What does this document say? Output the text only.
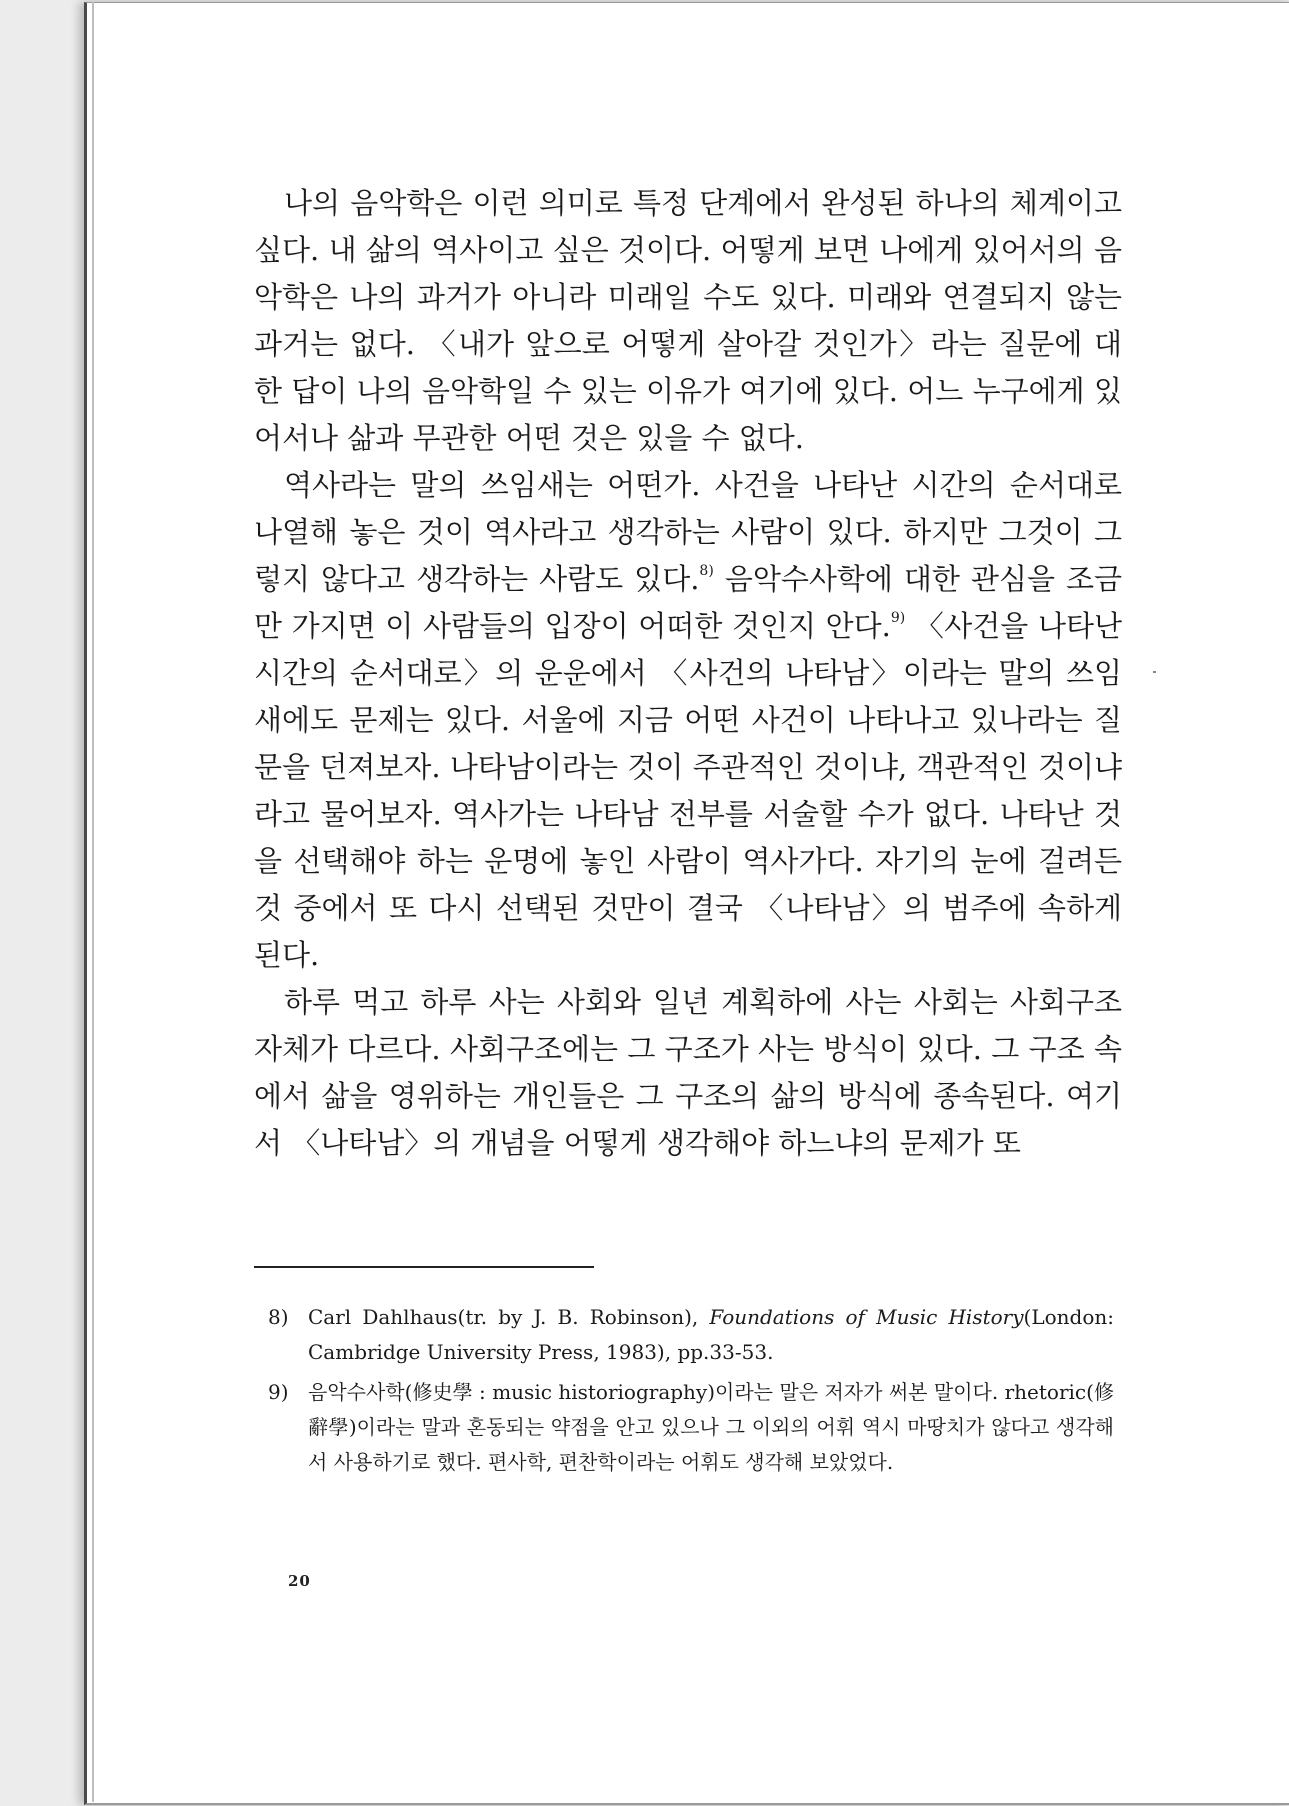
나의 음악학은 이런 의미로 특정 단계에서 완성된 하나의 체계이고 싶다. 내 삶의 역사이고 싶은 것이다. 어떻게 보면 나에게 있어서의 음악학은 나의 과거가 아니라 미래일 수도 있다. 미래와 연결되지 않는 과거는 없다. 〈내가 앞으로 어떻게 살아갈 것인가〉라는 질문에 대한 답이 나의 음악학일 수 있는 이유가 여기에 있다. 어느 누구에게 있어서나 삶과 무관한 어떤 것은 있을 수 없다.

역사라는 말의 쓰임새는 어떤가. 사건을 나타난 시간의 순서대로 나열해 놓은 것이 역사라고 생각하는 사람이 있다. 하지만 그것이 그렇지 않다고 생각하는 사람도 있다.$^{8)}$ 음악수사학에 대한 관심을 조금만 가지면 이 사람들의 입장이 어떠한 것인지 안다.$^{9)}$ 〈사건을 나타난 시간의 순서대로〉의 운운에서 〈사건의 나타남〉이라는 말의 쓰임새에도 문제는 있다. 서울에 지금 어떤 사건이 나타나고 있나라는 질문을 던져보자. 나타남이라는 것이 주관적인 것이냐, 객관적인 것이냐라고 물어보자. 역사가는 나타남 전부를 서술할 수가 없다. 나타난 것을 선택해야 하는 운명에 놓인 사람이 역사가다. 자기의 눈에 걸려든 것 중에서 또 다시 선택된 것만이 결국 〈나타남〉의 범주에 속하게 된다.

하루 먹고 하루 사는 사회와 일년 계획하에 사는 사회는 사회구조 자체가 다르다. 사회구조에는 그 구조가 사는 방식이 있다. 그 구조 속에서 삶을 영위하는 개인들은 그 구조의 삶의 방식에 종속된다. 여기서 〈나타남〉의 개념을 어떻게 생각해야 하느냐의 문제가 또

8) Carl Dahlhaus(tr. by J. B. Robinson), Foundations of Music History(London: Cambridge University Press, 1983), pp.33-53.
9) 음악수사학(修史學 : music historiography)이라는 말은 저자가 써본 말이다. rhetoric(修辭學)이라는 말과 혼동되는 약점을 안고 있으나 그 이외의 어휘 역시 마땅치가 않다고 생각해서 사용하기로 했다. 편사학, 편찬학이라는 어휘도 생각해 보았었다.
20
